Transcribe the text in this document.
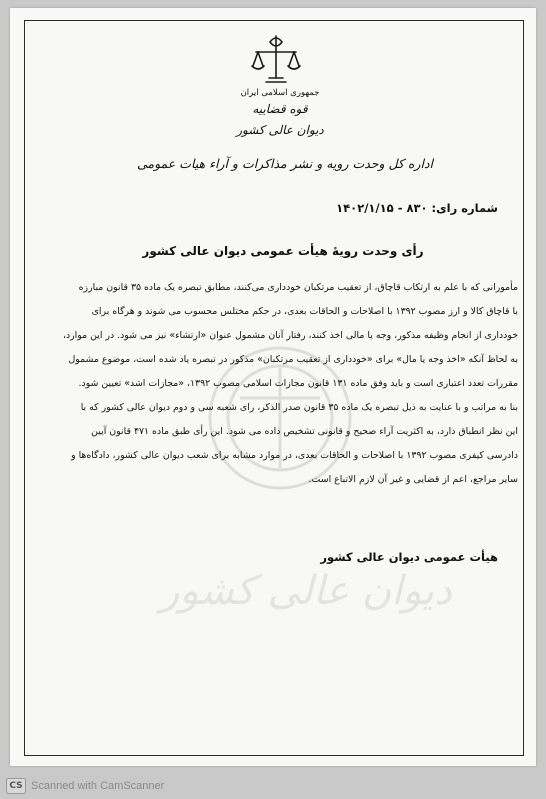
جمهوری اسلامی ایران
قوه قضاییه
دیوان عالی کشور
اداره کل وحدت رویه و نشر مذاکرات و آراء هیات عمومی
شماره رای: ۸۳۰ - ۱۴۰۲/۱/۱۵
رأی وحدت رویۀ هیأت عمومی دیوان عالی کشور
مأمورانی که با علم به ارتکاب قاچاق، از تعقیب مرتکبان خودداری می‌کنند، مطابق تبصره یک ماده ۳۵ قانون مبارزه
با قاچاق کالا و ارز مصوب ۱۳۹۲ با اصلاحات و الحاقات بعدی، در حکم مختلس محسوب می شوند و هرگاه برای
خودداری از انجام وظیفه مذکور، وجه یا مالی اخذ کنند، رفتار آنان مشمول عنوان «ارتشاء» نیز می شود. در این موارد،
به لحاظ آنکه «اخذ وجه یا مال» برای «خودداری از تعقیب مرتکبان» مذکور در تبصره یاد شده است، موضوع مشمول
مقررات تعدد اعتباری است و باید وفق ماده ۱۳۱ قانون مجازات اسلامی مصوب ۱۳۹۲، «مجازات اشد» تعیین شود.
بنا به مراتب و با عنایت به ذیل تبصره یک ماده ۳۵ قانون صدر الذکر، رای شعبه سی و دوم دیوان عالی کشور که با
این نظر انطباق دارد، به اکثریت آراء صحیح و قانونی تشخیص داده می شود. این رأی طبق ماده ۴۷۱ قانون آیین
دادرسی کیفری مصوب ۱۳۹۲ با اصلاحات و الحاقات بعدی، در موارد مشابه برای شعب دیوان عالی کشور، دادگاه‌ها و
سایر مراجع، اعم از قضایی و غیر آن لازم الاتباع است.
هیأت عمومی دیوان عالی کشور
دیوان عالی کشور
CS Scanned with CamScanner
